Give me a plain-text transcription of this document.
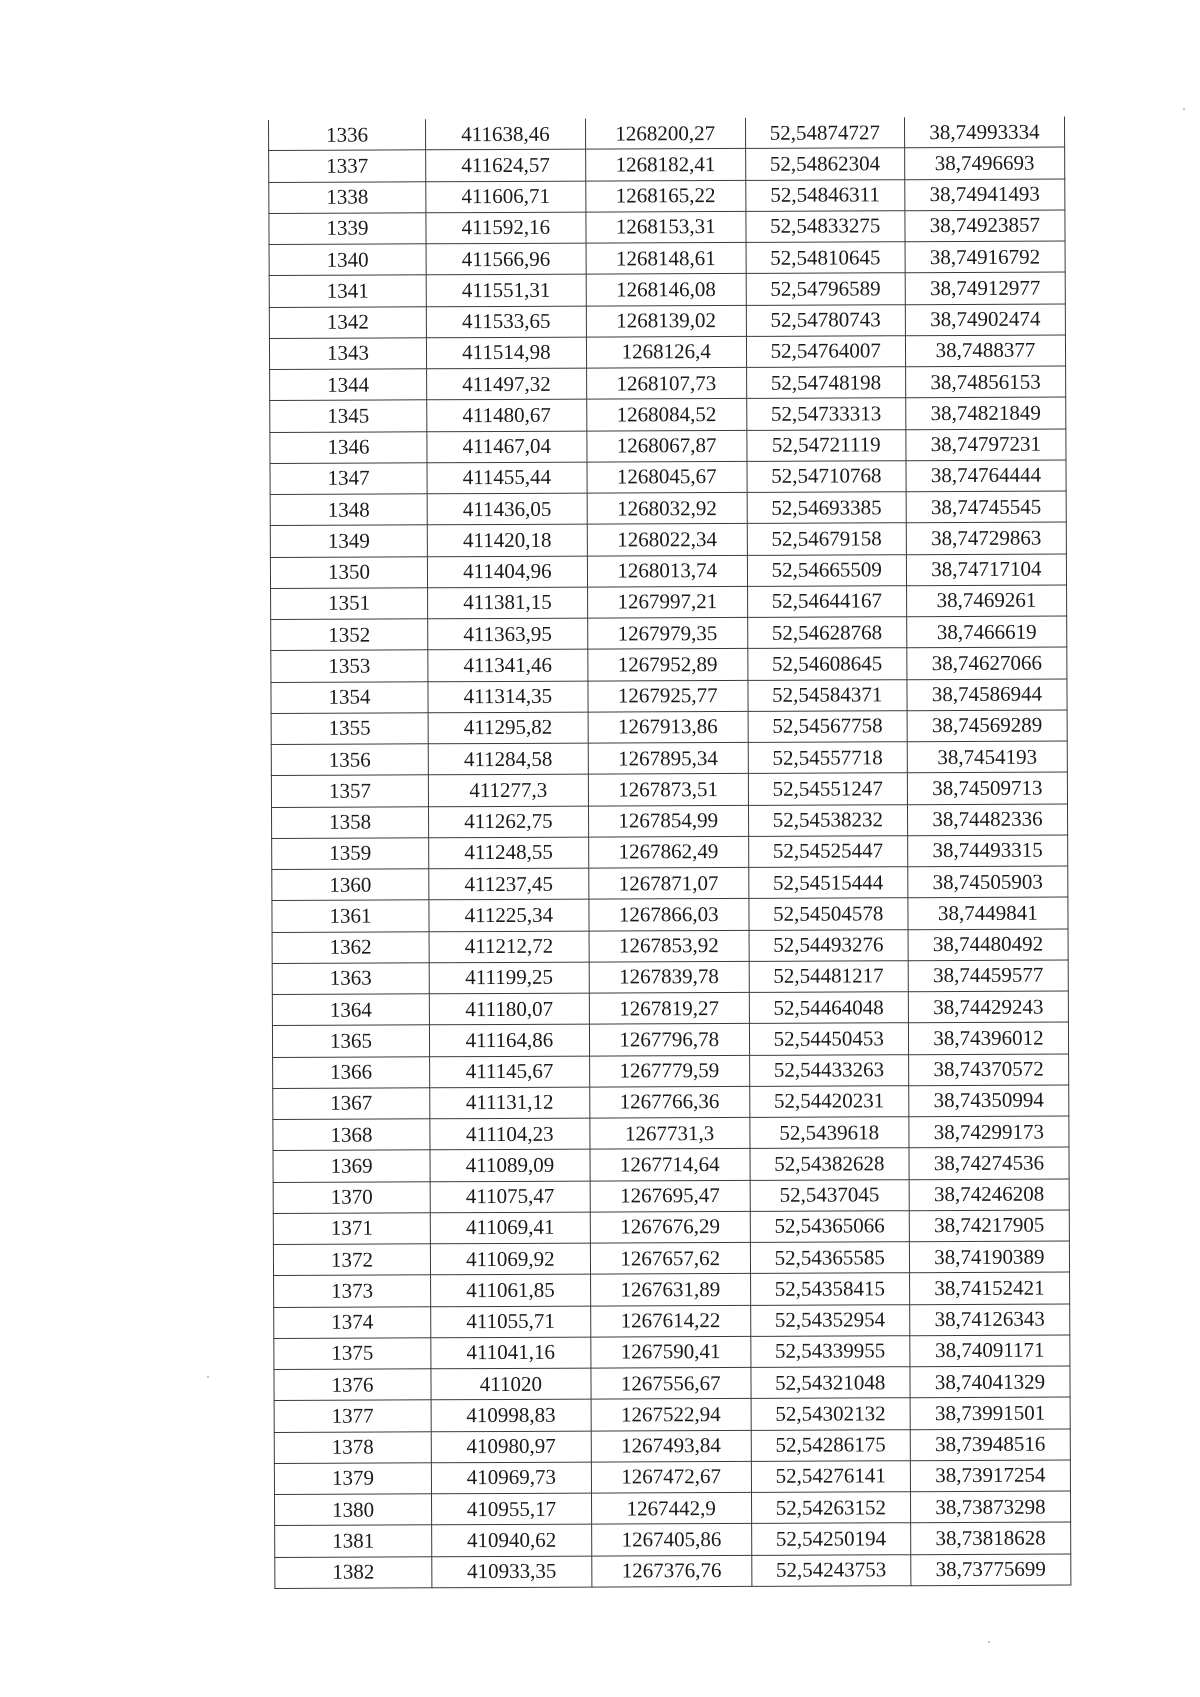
1336	411638,46	1268200,27	52,54874727	38,74993334
1337	411624,57	1268182,41	52,54862304	38,7496693
1338	411606,71	1268165,22	52,54846311	38,74941493
1339	411592,16	1268153,31	52,54833275	38,74923857
1340	411566,96	1268148,61	52,54810645	38,74916792
1341	411551,31	1268146,08	52,54796589	38,74912977
1342	411533,65	1268139,02	52,54780743	38,74902474
1343	411514,98	1268126,4	52,54764007	38,7488377
1344	411497,32	1268107,73	52,54748198	38,74856153
1345	411480,67	1268084,52	52,54733313	38,74821849
1346	411467,04	1268067,87	52,54721119	38,74797231
1347	411455,44	1268045,67	52,54710768	38,74764444
1348	411436,05	1268032,92	52,54693385	38,74745545
1349	411420,18	1268022,34	52,54679158	38,74729863
1350	411404,96	1268013,74	52,54665509	38,74717104
1351	411381,15	1267997,21	52,54644167	38,7469261
1352	411363,95	1267979,35	52,54628768	38,7466619
1353	411341,46	1267952,89	52,54608645	38,74627066
1354	411314,35	1267925,77	52,54584371	38,74586944
1355	411295,82	1267913,86	52,54567758	38,74569289
1356	411284,58	1267895,34	52,54557718	38,7454193
1357	411277,3	1267873,51	52,54551247	38,74509713
1358	411262,75	1267854,99	52,54538232	38,74482336
1359	411248,55	1267862,49	52,54525447	38,74493315
1360	411237,45	1267871,07	52,54515444	38,74505903
1361	411225,34	1267866,03	52,54504578	38,7449841
1362	411212,72	1267853,92	52,54493276	38,74480492
1363	411199,25	1267839,78	52,54481217	38,74459577
1364	411180,07	1267819,27	52,54464048	38,74429243
1365	411164,86	1267796,78	52,54450453	38,74396012
1366	411145,67	1267779,59	52,54433263	38,74370572
1367	411131,12	1267766,36	52,54420231	38,74350994
1368	411104,23	1267731,3	52,5439618	38,74299173
1369	411089,09	1267714,64	52,54382628	38,74274536
1370	411075,47	1267695,47	52,5437045	38,74246208
1371	411069,41	1267676,29	52,54365066	38,74217905
1372	411069,92	1267657,62	52,54365585	38,74190389
1373	411061,85	1267631,89	52,54358415	38,74152421
1374	411055,71	1267614,22	52,54352954	38,74126343
1375	411041,16	1267590,41	52,54339955	38,74091171
1376	411020	1267556,67	52,54321048	38,74041329
1377	410998,83	1267522,94	52,54302132	38,73991501
1378	410980,97	1267493,84	52,54286175	38,73948516
1379	410969,73	1267472,67	52,54276141	38,73917254
1380	410955,17	1267442,9	52,54263152	38,73873298
1381	410940,62	1267405,86	52,54250194	38,73818628
1382	410933,35	1267376,76	52,54243753	38,73775699
